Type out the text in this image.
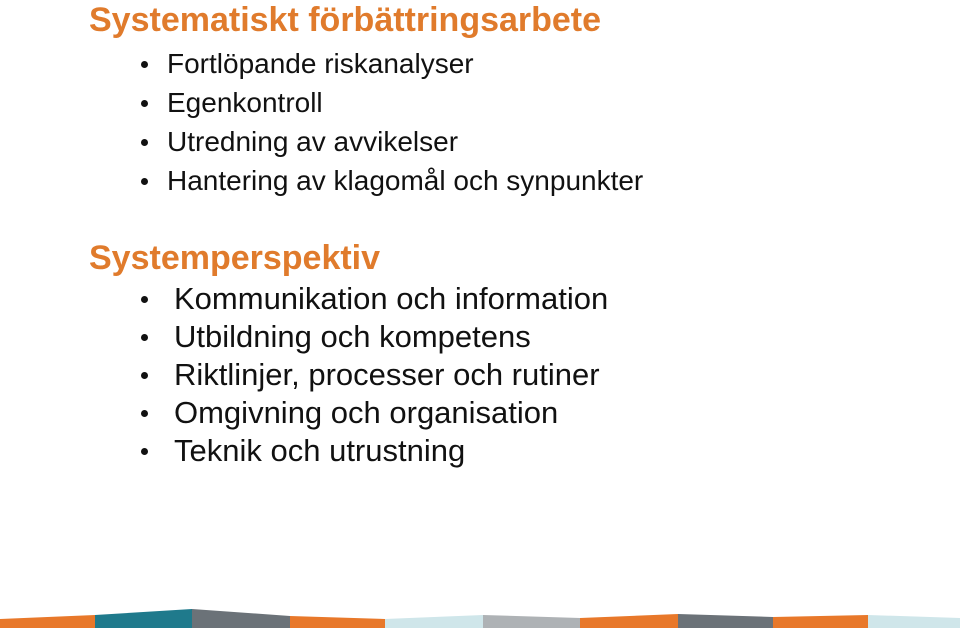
Systematiskt förbättringsarbete
Fortlöpande riskanalyser
Egenkontroll
Utredning av avvikelser
Hantering av klagomål och synpunkter
Systemperspektiv
Kommunikation och information
Utbildning och kompetens
Riktlinjer, processer och rutiner
Omgivning och organisation
Teknik och utrustning
